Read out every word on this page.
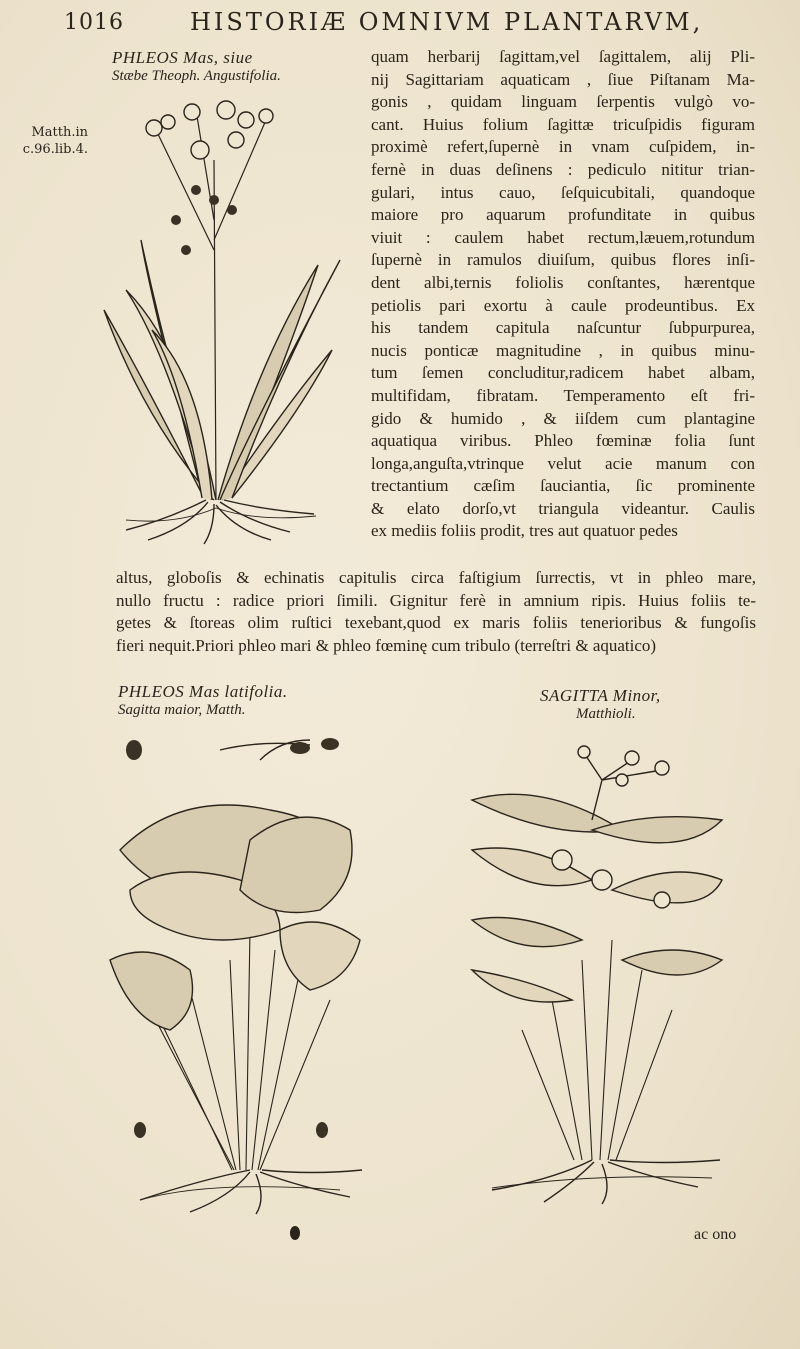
1016	HISTORIÆ OMNIVM PLANTARVM,
Matth.in
c.96.lib.4.
PHLEOS Mas, siue
Stæbe Theoph. Angustifolia.
PHLEOS Mas latifolia.
Sagitta maior, Matth.
SAGITTA Minor,
Matthioli.
quam herbarij ſagittam,vel ſagittalem, alij Pli-
nij Sagittariam aquaticam , ſiue Piſtanam Ma-
gonis , quidam linguam ſerpentis vulgò vo-
cant. Huius folium ſagittæ tricuſpidis figuram
proximè refert,ſupernè in vnam cuſpidem, in-
fernè in duas deſinens : pediculo nititur trian-
gulari, intus cauo, ſeſquicubitali, quandoque
maiore pro aquarum profunditate in quibus
viuit : caulem habet rectum,læuem,rotundum
ſupernè in ramulos diuiſum, quibus flores inſi-
dent albi,ternis foliolis conſtantes, hærentque
petiolis pari exortu à caule prodeuntibus. Ex
his tandem capitula naſcuntur ſubpurpurea,
nucis ponticæ magnitudine , in quibus minu-
tum ſemen concluditur,radicem habet albam,
multifidam, fibratam. Temperamento eſt fri-
gido & humido , & iiſdem cum plantagine
aquatiqua viribus. Phleo fœminæ folia ſunt
longa,anguſta,vtrinque velut acie manum con
trectantium cæſim ſauciantia, ſic prominente
& elato dorſo,vt triangula videantur. Caulis
ex mediis foliis prodit, tres aut quatuor pedes
altus, globoſis & echinatis capitulis circa faſtigium ſurrectis, vt in phleo mare,
nullo fructu : radice priori ſimili. Gignitur ferè in amnium ripis. Huius foliis te-
getes & ſtoreas olim ruſtici texebant,quod ex maris foliis tenerioribus & fungoſis
fieri nequit.Priori phleo mari & phleo fœminę cum tribulo (terreſtri & aquatico)
ac ono
